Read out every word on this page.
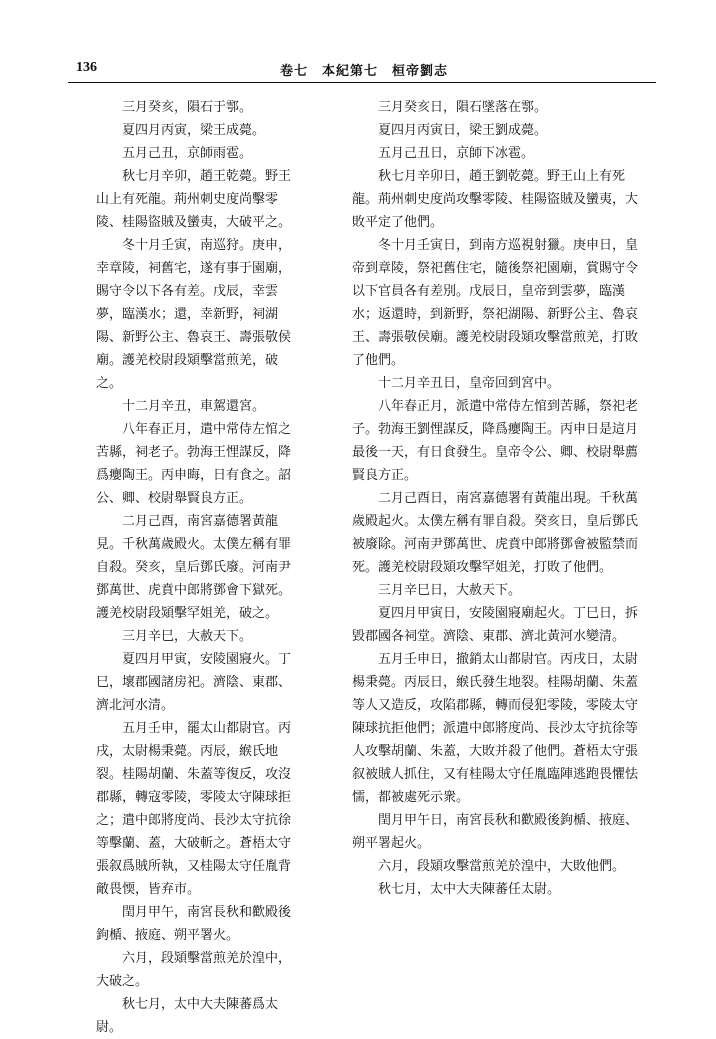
136	卷七　本紀第七　桓帝劉志

三月癸亥，隕石于鄠。

夏四月丙寅，梁王成薨。

五月己丑，京師雨雹。

秋七月辛卯，趙王乾薨。野王山上有死龍。荊州刺史度尚擊零陵、桂陽盜賊及蠻夷，大破平之。

冬十月壬寅，南巡狩。庚申，幸章陵，祠舊宅，遂有事于園廟，賜守令以下各有差。戊辰，幸雲夢，臨漢水；還，幸新野，祠湖陽、新野公主、魯哀王、壽張敬侯廟。護羌校尉段熲擊當煎羌，破之。

十二月辛丑，車駕還宮。

八年春正月，遣中常侍左悺之苦縣，祠老子。勃海王悝謀反，降爲癭陶王。丙申晦，日有食之。詔公、卿、校尉舉賢良方正。

二月己酉，南宮嘉德署黃龍見。千秋萬歲殿火。太僕左稱有罪自殺。癸亥，皇后鄧氏廢。河南尹鄧萬世、虎賁中郎將鄧會下獄死。護羌校尉段熲擊罕姐羌，破之。

三月辛巳，大赦天下。

夏四月甲寅，安陵園寢火。丁巳，壞郡國諸房祀。濟陰、東郡、濟北河水清。

五月壬申，罷太山都尉官。丙戌，太尉楊秉薨。丙辰，緱氏地裂。桂陽胡蘭、朱蓋等復反，攻沒郡縣，轉寇零陵，零陵太守陳球拒之；遣中郎將度尚、長沙太守抗徐等擊蘭、蓋，大破斬之。蒼梧太守張叙爲賊所執，又桂陽太守任胤背敵畏愞，皆弃市。

閏月甲午，南宮長秋和歡殿後鉤楯、掖庭、朔平署火。

六月，段熲擊當煎羌於湟中，大破之。

秋七月，太中大夫陳蕃爲太尉。

三月癸亥日，隕石墜落在鄠。

夏四月丙寅日，梁王劉成薨。

五月己丑日，京師下冰雹。

秋七月辛卯日，趙王劉乾薨。野王山上有死龍。荊州刺史度尚攻擊零陵、桂陽盜賊及蠻夷，大敗平定了他們。

冬十月壬寅日，到南方巡視射獵。庚申日，皇帝到章陵，祭祀舊住宅，隨後祭祀園廟，賞賜守令以下官員各有差別。戊辰日，皇帝到雲夢，臨漢水；返還時，到新野，祭祀湖陽、新野公主、魯哀王、壽張敬侯廟。護羌校尉段熲攻擊當煎羌，打敗了他們。

十二月辛丑日，皇帝回到宮中。

八年春正月，派遣中常侍左悺到苦縣，祭祀老子。勃海王劉悝謀反，降爲癭陶王。丙申日是這月最後一天，有日食發生。皇帝令公、卿、校尉舉薦賢良方正。

二月己酉日，南宮嘉德署有黃龍出現。千秋萬歲殿起火。太僕左稱有罪自殺。癸亥日，皇后鄧氏被廢除。河南尹鄧萬世、虎賁中郎將鄧會被監禁而死。護羌校尉段熲攻擊罕姐羌，打敗了他們。

三月辛巳日，大赦天下。

夏四月甲寅日，安陵園寢廟起火。丁巳日，拆毀郡國各祠堂。濟陰、東郡、濟北黃河水變清。

五月壬申日，撤銷太山都尉官。丙戌日，太尉楊秉薨。丙辰日，緱氏發生地裂。桂陽胡蘭、朱蓋等人又造反，攻陷郡縣，轉而侵犯零陵，零陵太守陳球抗拒他們；派遣中郎將度尚、長沙太守抗徐等人攻擊胡蘭、朱蓋，大敗并殺了他們。蒼梧太守張叙被賊人抓住，又有桂陽太守任胤臨陣逃跑畏懼怯懦，都被處死示衆。

閏月甲午日，南宮長秋和歡殿後鉤楯、掖庭、朔平署起火。

六月，段熲攻擊當煎羌於湟中，大敗他們。

秋七月，太中大夫陳蕃任太尉。
